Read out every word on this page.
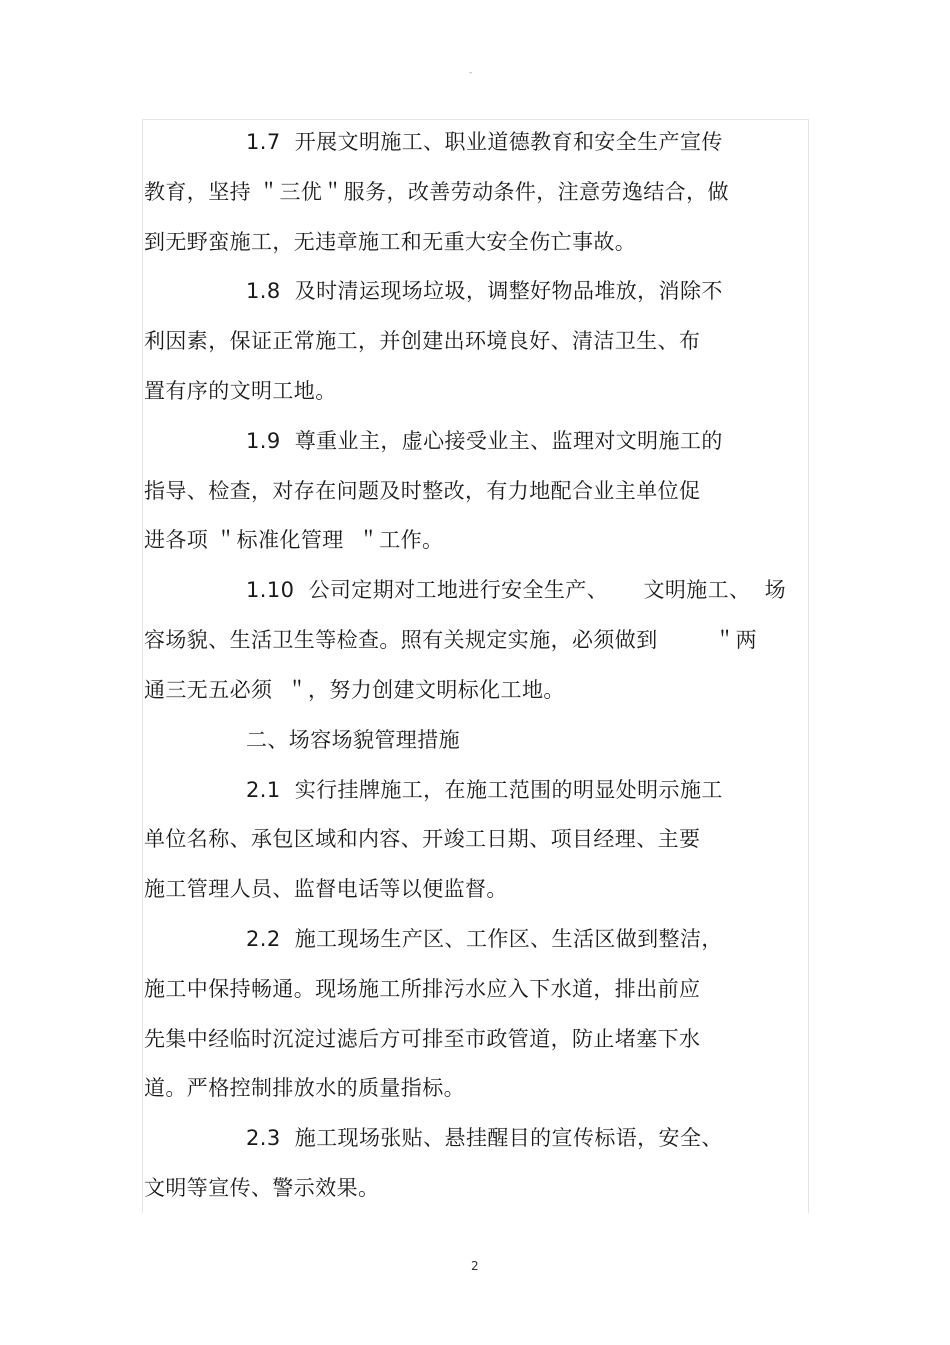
-
1.7  开展文明施工、职业道德教育和安全生产宣传
教育，坚持 ＂三优＂服务，改善劳动条件，注意劳逸结合，做
到无野蛮施工，无违章施工和无重大安全伤亡事故。
1.8  及时清运现场垃圾，调整好物品堆放，消除不
利因素，保证正常施工，并创建出环境良好、清洁卫生、布
置有序的文明工地。
1.9  尊重业主，虚心接受业主、监理对文明施工的
指导、检查，对存在问题及时整改，有力地配合业主单位促
进各项 ＂标准化管理  ＂工作。
1.10  公司定期对工地进行安全生产、     文明施工、  场
容场貌、生活卫生等检查。照有关规定实施，必须做到        ＂两
通三无五必须  ＂，努力创建文明标化工地。
二、场容场貌管理措施
2.1  实行挂牌施工，在施工范围的明显处明示施工
单位名称、承包区域和内容、开竣工日期、项目经理、主要
施工管理人员、监督电话等以便监督。
2.2  施工现场生产区、工作区、生活区做到整洁，
施工中保持畅通。现场施工所排污水应入下水道，排出前应
先集中经临时沉淀过滤后方可排至市政管道，防止堵塞下水
道。严格控制排放水的质量指标。
2.3  施工现场张贴、悬挂醒目的宣传标语，安全、
文明等宣传、警示效果。
2
